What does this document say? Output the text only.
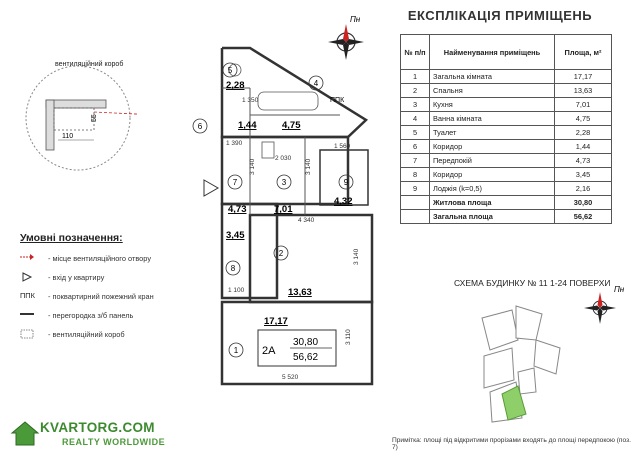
ЕКСПЛІКАЦІЯ ПРИМІЩЕНЬ
№ п/п	Найменування приміщень	Площа, м²
1	Загальна кімната	17,17
2	Спальня	13,63
3	Кухня	7,01
4	Ванна кімната	4,75
5	Туалет	2,28
6	Коридор	1,44
7	Передпокій	4,73
8	Коридор	3,45
9	Лоджія (k=0,5)	2,16
	Житлова площа	30,80
	Загальна площа	56,62
Пн
110
55
вентиляційний короб
5
4
6
7	3	9
8
2
1
2,28
4,75
1,44
4,73	7,01
4,32
3,45
13,63
17,17
1 350
1 390
2 030
1 560
3 140	3 140
4 340
3 140
1 100
3 110
5 520
ППК
2А
30,80
56,62
Умовні позначення:
- місце вентиляційного отвору
- вхід у квартиру
ППК - поквартирний пожежний кран
- перегородка з/б панель
- вентиляційний короб
СХЕМА БУДИНКУ № 11 1-24 ПОВЕРХИ
Пн
Примітка: площі під відкритими прорізами входять до площі передпокою (поз. 7)
KVARTORG.COM
REALTY WORLDWIDE
